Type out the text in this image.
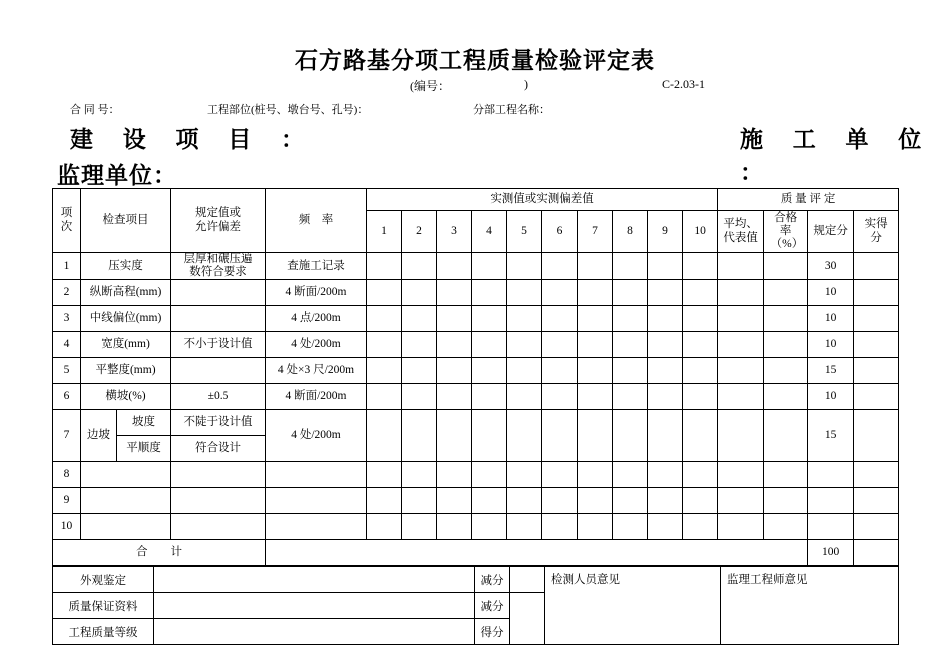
石方路基分项工程质量检验评定表
(编号：	)	C-2.03-1
合 同 号：	工程部位(桩号、墩台号、孔号)：	分部工程名称：
建 设 项 目 ：	施 工 单 位 ：
监理单位：
项次	检查项目		规定值或允许偏差	频　率	实测值或实测偏差值										质 量 评 定			
					1	2	3	4	5	6	7	8	9	10	平均、代表值	合格率（%）	规定分	实得分

1	压实度		层厚和碾压遍数符合要求	查施工记录													30	
2	纵断高程(mm)			4 断面/200m													10	
3	中线偏位(mm)			4 点/200m													10	
4	宽度(mm)		不小于设计值	4 处/200m													10	
5	平整度(mm)			4 处×3 尺/200m													15	
6	横坡(%)		±0.5	4 断面/200m													10	
7	边坡	坡度	不陡于设计值	4 处/200m													15	
		平顺度	符合设计															
8																		
9																		
10																		
合　　计																	100	
外观鉴定		减分		检测人员意见	监理工程师意见
质量保证资料		减分			
工程质量等级		得分			
